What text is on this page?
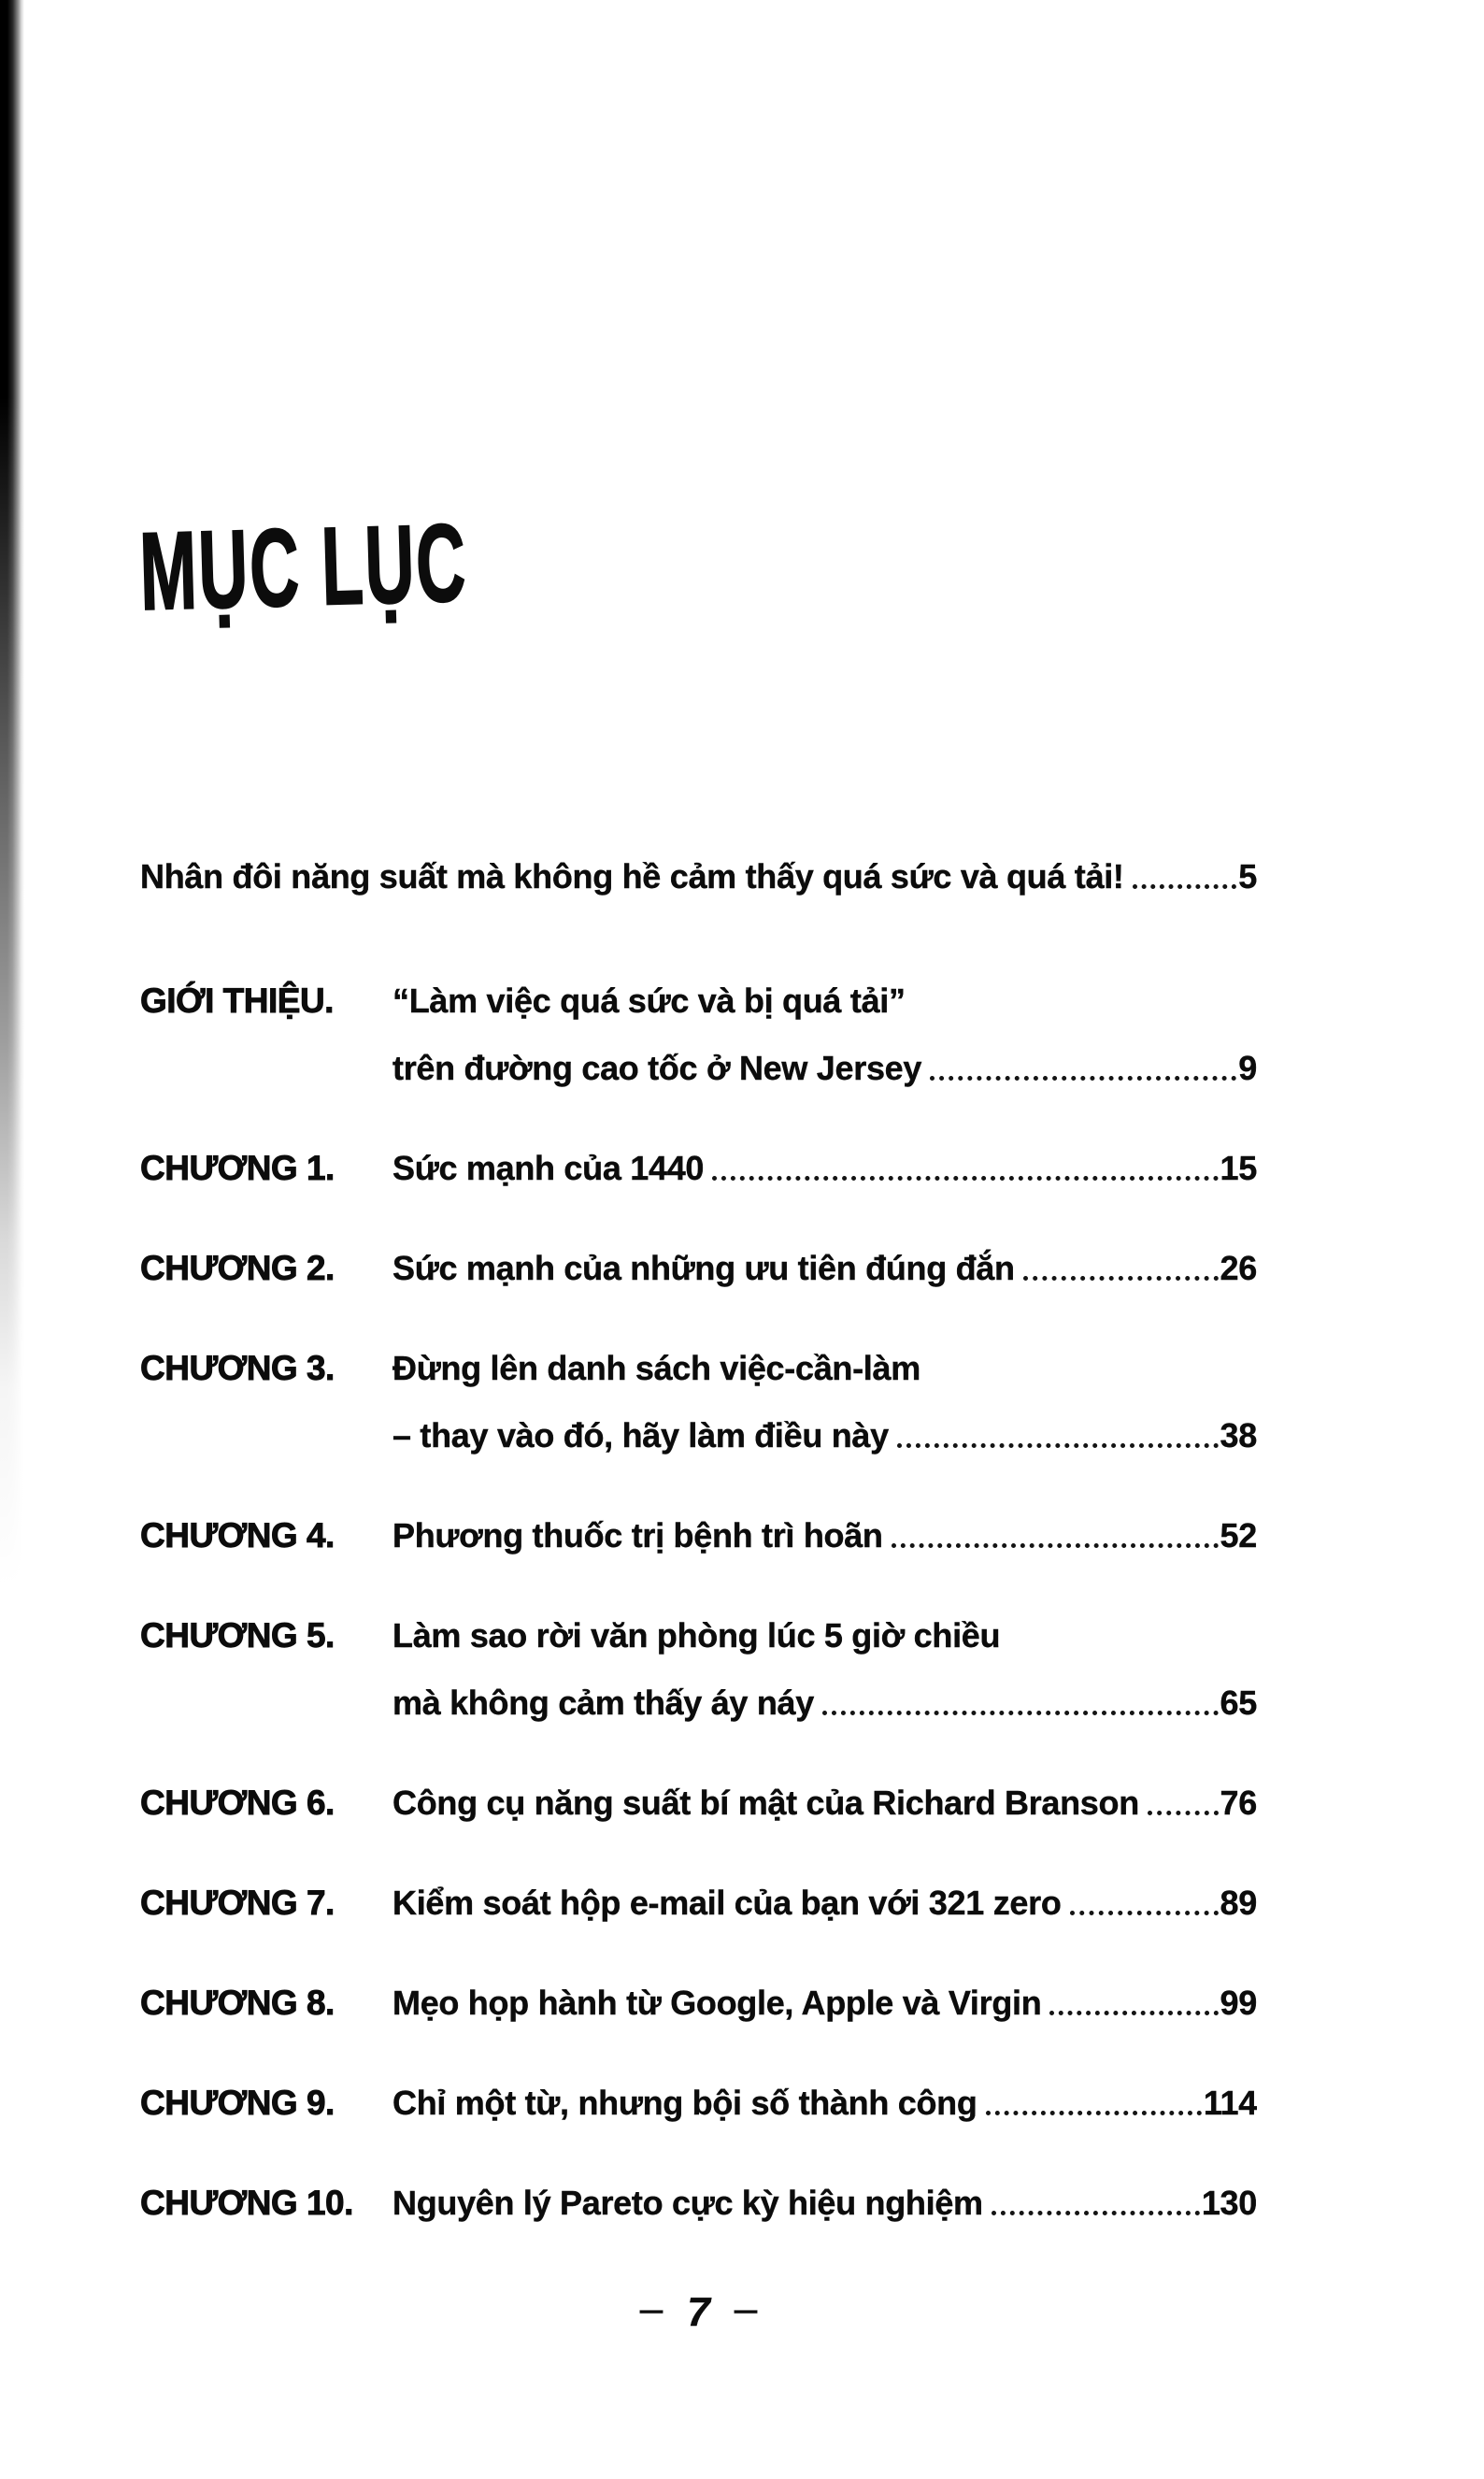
MỤC LỤC
Nhân đôi năng suất mà không hề cảm thấy quá sức và quá tải!	5
GIỚI THIỆU.	“Làm việc quá sức và bị quá tải”
trên đường cao tốc ở New Jersey	9
CHƯƠNG 1.	Sức mạnh của 1440	15
CHƯƠNG 2.	Sức mạnh của những ưu tiên đúng đắn	26
CHƯƠNG 3.	Đừng lên danh sách việc-cần-làm
– thay vào đó, hãy làm điều này	38
CHƯƠNG 4.	Phương thuốc trị bệnh trì hoãn	52
CHƯƠNG 5.	Làm sao rời văn phòng lúc 5 giờ chiều
mà không cảm thấy áy náy	65
CHƯƠNG 6.	Công cụ năng suất bí mật của Richard Branson 76
CHƯƠNG 7.	Kiểm soát hộp e-mail của bạn với 321 zero	89
CHƯƠNG 8.	Mẹo họp hành từ Google, Apple và Virgin	99
CHƯƠNG 9.	Chỉ một từ, nhưng bội số thành công	114
CHƯƠNG 10.	Nguyên lý Pareto cực kỳ hiệu nghiệm	130
– 7 –
